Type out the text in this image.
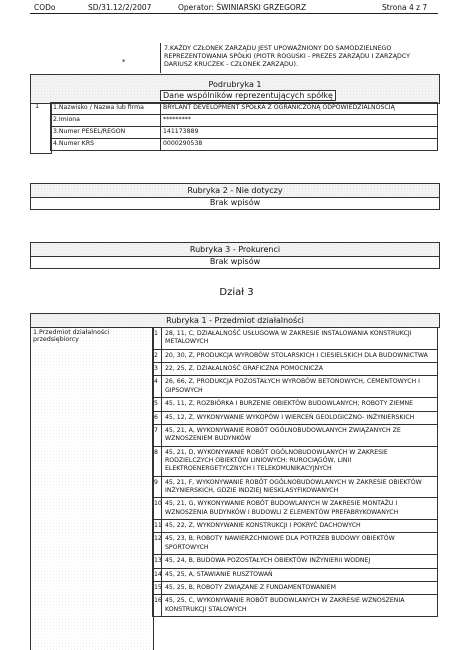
CODo	SD/31.12/2/2007	Operator: ŚWINIARSKI GRZEGORZ	Strona 4 z 7
*
7.KAŻDY CZŁONEK ZARZĄDU JEST UPOWAŻNIONY DO SAMODZIELNEGO REPREZENTOWANIA SPÓŁKI (PIOTR ROGUSKI - PREZES ZARZĄDU I ZARZĄDCY DARIUSZ KRUCZEK - CZŁONEK ZARZĄDU).
Podrubryka 1
Dane wspólników reprezentujących spółkę
1	1.Nazwisko / Nazwa lub firma	BRYLANT DEVELOPMENT SPÓŁKA Z OGRANICZONĄ ODPOWIEDZIALNOŚCIĄ
2.Imiona	*********
3.Numer PESEL/REGON	141173889
4.Numer KRS	0000290538
Rubryka 2 - Nie dotyczy
Brak wpisów
Rubryka 3 - Prokurenci
Brak wpisów
Dział 3
Rubryka 1 - Przedmiot działalności
1.Przedmiot działalności przedsiębiorcy
1	28, 11, C, DZIAŁALNOŚĆ USŁUGOWA W ZAKRESIE INSTALOWANIA KONSTRUKCJI METALOWYCH
2	20, 30, Z, PRODUKCJA WYROBÓW STOLARSKICH I CIESIELSKICH DLA BUDOWNICTWA
3	22, 25, Z, DZIAŁALNOŚĆ GRAFICZNA POMOCNICZA
4	26, 66, Z, PRODUKCJA POZOSTAŁYCH WYROBÓW BETONOWYCH, CEMENTOWYCH I GIPSOWYCH
5	45, 11, Z, ROZBIÓRKA I BURZENIE OBIEKTÓW BUDOWLANYCH; ROBOTY ZIEMNE
6	45, 12, Z, WYKONYWANIE WYKOPÓW I WIERCEŃ GEOLOGICZNO- INŻYNIERSKICH
7	45, 21, A, WYKONYWANIE ROBÓT OGÓLNOBUDOWLANYCH ZWIĄZANYCH ZE WZNOSZENIEM BUDYNKÓW
8	45, 21, D, WYKONYWANIE ROBÓT OGÓLNOBUDOWLANYCH W ZAKRESIE RODZIELCZYCH OBIEKTÓW LINIOWYCH: RUROCIĄGÓW, LINII ELEKTROENERGETYCZNYCH I TELEKOMUNIKACYJNYCH
9	45, 21, F, WYKONYWANIE ROBÓT OGÓLNOBUDOWLANYCH W ZAKRESIE OBIEKTÓW INŻYNIERSKICH, GDZIE INDZIEJ NIESKLASYFIKOWANYCH
10	45, 21, G, WYKONYWANIE ROBÓT BUDOWLANYCH W ZAKRESIE MONTAŻU I WZNOSZENIA BUDYNKÓW I BUDOWLI Z ELEMENTÓW PREFABRYKOWANYCH
11	45, 22, Z, WYKONYWANIE KONSTRUKCJI I POKRYĆ DACHOWYCH
12	45, 23, B, ROBOTY NAWIERZCHNIOWE DLA POTRZEB BUDOWY OBIEKTÓW SPORTOWYCH
13	45, 24, B, BUDOWA POZOSTAŁYCH OBIEKTÓW INŻYNIERII WODNEJ
14	45, 25, A, STAWIANIE RUSZTOWAŃ
15	45, 25, B, ROBOTY ZWIĄZANE Z FUNDAMENTOWANIEM
16	45, 25, C, WYKONYWANIE ROBÓT BUDOWLANYCH W ZAKRESIE WZNOSZENIA KONSTRUKCJI STALOWYCH
